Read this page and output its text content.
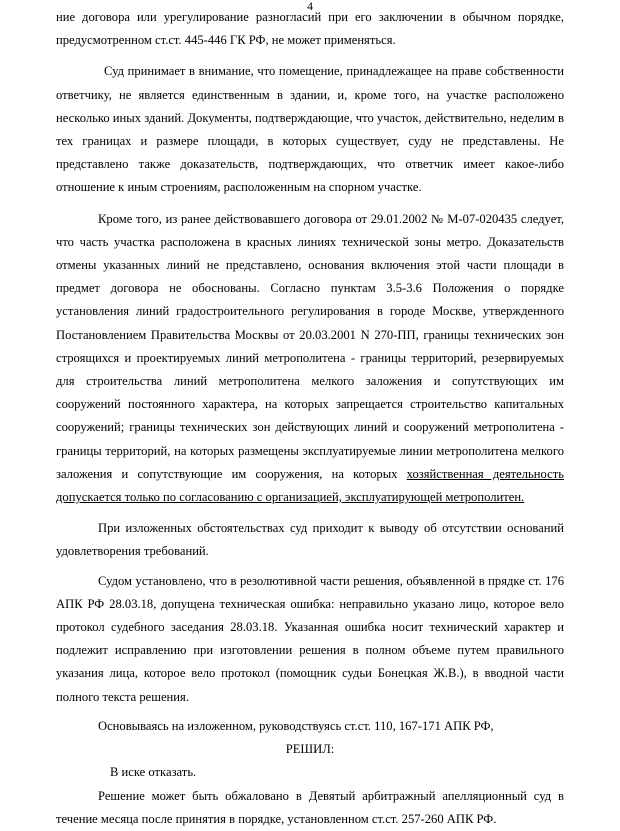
4

ние договора или урегулирование разногласий при его заключении в обычном порядке, предусмотренном ст.ст. 445-446 ГК РФ, не может применяться.

Суд принимает в внимание, что помещение, принадлежащее на праве собственности ответчику, не является единственным в здании, и, кроме того, на участке расположено несколько иных зданий. Документы, подтверждающие, что участок, действительно, неделим в тех границах и размере площади, в которых существует, суду не представлены. Не представлено также доказательств, подтверждающих, что ответчик имеет какое-либо отношение к иным строениям, расположенным на спорном участке.

Кроме того, из ранее действовавшего договора от 29.01.2002 № М-07-020435 следует, что часть участка расположена в красных линиях технической зоны метро. Доказательств отмены указанных линий не представлено, основания включения этой части площади в предмет договора не обоснованы. Согласно пунктам 3.5-3.6 Положения о порядке установления линий градостроительного регулирования в городе Москве, утвержденного Постановлением Правительства Москвы от 20.03.2001 N 270-ПП, границы технических зон строящихся и проектируемых линий метрополитена - границы территорий, резервируемых для строительства линий метрополитена мелкого заложения и сопутствующих им сооружений постоянного характера, на которых запрещается строительство капитальных сооружений; границы технических зон действующих линий и сооружений метрополитена - границы территорий, на которых размещены эксплуатируемые линии метрополитена мелкого заложения и сопутствующие им сооружения, на которых хозяйственная деятельность допускается только по согласованию с организацией, эксплуатирующей метрополитен.

При изложенных обстоятельствах суд приходит к выводу об отсутствии оснований удовлетворения требований.

Судом установлено, что в резолютивной части решения, объявленной в прядке ст. 176 АПК РФ 28.03.18, допущена техническая ошибка: неправильно указано лицо, которое вело протокол судебного заседания 28.03.18. Указанная ошибка носит технический характер и подлежит исправлению при изготовлении решения в полном объеме путем правильного указания лица, которое вело протокол (помощник судьи Бонецкая Ж.В.), в вводной части полного текста решения.

Основываясь на изложенном, руководствуясь ст.ст. 110, 167-171 АПК РФ,

РЕШИЛ:

В иске отказать.

Решение может быть обжаловано в Девятый арбитражный апелляционный суд в течение месяца после принятия в порядке, установленном ст.ст. 257-260 АПК РФ.
